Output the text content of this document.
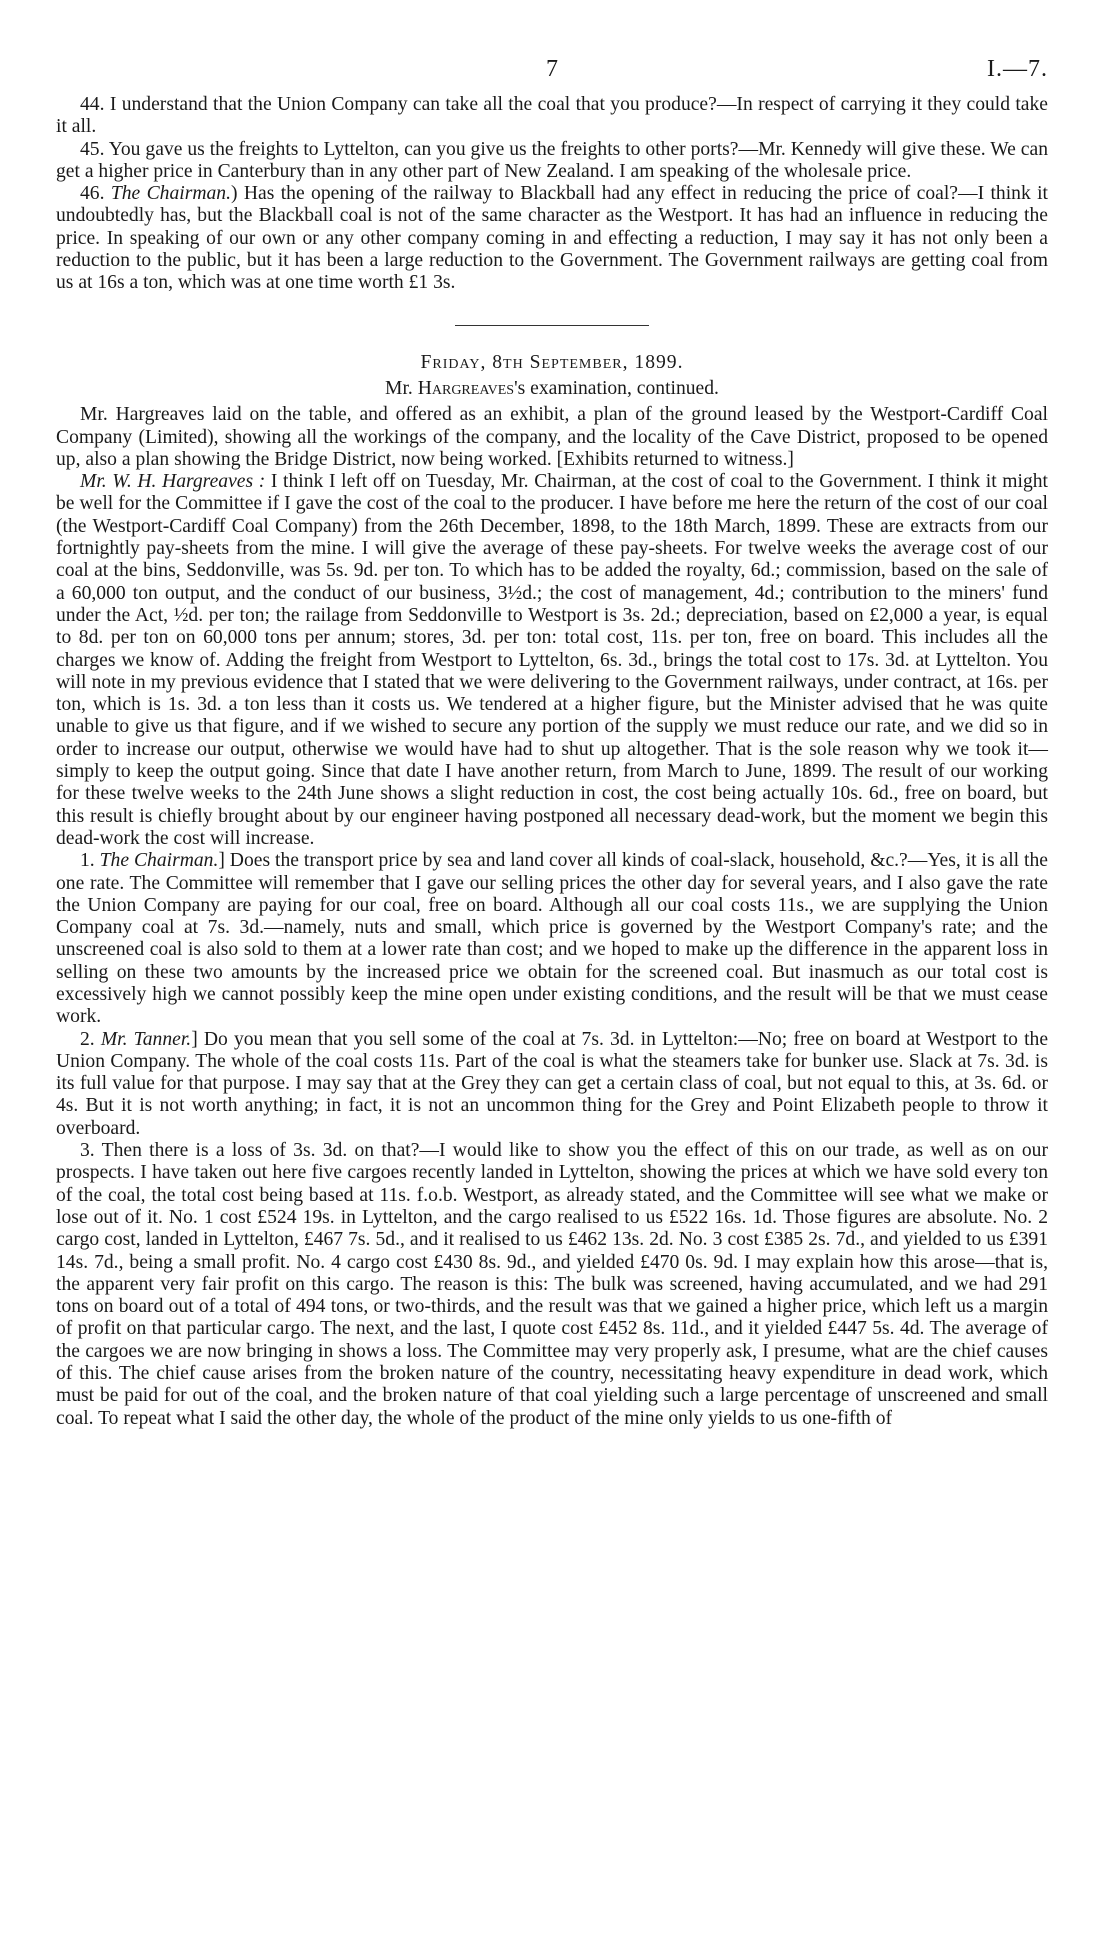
7	I.—7.

44. I understand that the Union Company can take all the coal that you produce?—In respect of carrying it they could take it all.

45. You gave us the freights to Lyttelton, can you give us the freights to other ports?—Mr. Kennedy will give these. We can get a higher price in Canterbury than in any other part of New Zealand. I am speaking of the wholesale price.

46. The Chairman.) Has the opening of the railway to Blackball had any effect in reducing the price of coal?—I think it undoubtedly has, but the Blackball coal is not of the same character as the Westport. It has had an influence in reducing the price. In speaking of our own or any other company coming in and effecting a reduction, I may say it has not only been a reduction to the public, but it has been a large reduction to the Government. The Government railways are getting coal from us at 16s a ton, which was at one time worth £1 3s.

Friday, 8th September, 1899.

Mr. Hargreaves's examination, continued.

Mr. Hargreaves laid on the table, and offered as an exhibit, a plan of the ground leased by the Westport-Cardiff Coal Company (Limited), showing all the workings of the company, and the locality of the Cave District, proposed to be opened up, also a plan showing the Bridge District, now being worked. [Exhibits returned to witness.]

Mr. W. H. Hargreaves : I think I left off on Tuesday, Mr. Chairman, at the cost of coal to the Government. I think it might be well for the Committee if I gave the cost of the coal to the producer. I have before me here the return of the cost of our coal (the Westport-Cardiff Coal Company) from the 26th December, 1898, to the 18th March, 1899. These are extracts from our fortnightly pay-sheets from the mine. I will give the average of these pay-sheets. For twelve weeks the average cost of our coal at the bins, Seddonville, was 5s. 9d. per ton. To which has to be added the royalty, 6d.; commission, based on the sale of a 60,000 ton output, and the conduct of our business, 3½d.; the cost of management, 4d.; contribution to the miners' fund under the Act, ½d. per ton; the railage from Seddonville to Westport is 3s. 2d.; depreciation, based on £2,000 a year, is equal to 8d. per ton on 60,000 tons per annum; stores, 3d. per ton: total cost, 11s. per ton, free on board. This includes all the charges we know of. Adding the freight from Westport to Lyttelton, 6s. 3d., brings the total cost to 17s. 3d. at Lyttelton. You will note in my previous evidence that I stated that we were delivering to the Government railways, under contract, at 16s. per ton, which is 1s. 3d. a ton less than it costs us. We tendered at a higher figure, but the Minister advised that he was quite unable to give us that figure, and if we wished to secure any portion of the supply we must reduce our rate, and we did so in order to increase our output, otherwise we would have had to shut up altogether. That is the sole reason why we took it—simply to keep the output going. Since that date I have another return, from March to June, 1899. The result of our working for these twelve weeks to the 24th June shows a slight reduction in cost, the cost being actually 10s. 6d., free on board, but this result is chiefly brought about by our engineer having postponed all necessary dead-work, but the moment we begin this dead-work the cost will increase.

1. The Chairman.] Does the transport price by sea and land cover all kinds of coal-slack, household, &c.?—Yes, it is all the one rate. The Committee will remember that I gave our selling prices the other day for several years, and I also gave the rate the Union Company are paying for our coal, free on board. Although all our coal costs 11s., we are supplying the Union Company coal at 7s. 3d.—namely, nuts and small, which price is governed by the Westport Company's rate; and the unscreened coal is also sold to them at a lower rate than cost; and we hoped to make up the difference in the apparent loss in selling on these two amounts by the increased price we obtain for the screened coal. But inasmuch as our total cost is excessively high we cannot possibly keep the mine open under existing conditions, and the result will be that we must cease work.

2. Mr. Tanner.] Do you mean that you sell some of the coal at 7s. 3d. in Lyttelton:—No; free on board at Westport to the Union Company. The whole of the coal costs 11s. Part of the coal is what the steamers take for bunker use. Slack at 7s. 3d. is its full value for that purpose. I may say that at the Grey they can get a certain class of coal, but not equal to this, at 3s. 6d. or 4s. But it is not worth anything; in fact, it is not an uncommon thing for the Grey and Point Elizabeth people to throw it overboard.

3. Then there is a loss of 3s. 3d. on that?—I would like to show you the effect of this on our trade, as well as on our prospects. I have taken out here five cargoes recently landed in Lyttelton, showing the prices at which we have sold every ton of the coal, the total cost being based at 11s. f.o.b. Westport, as already stated, and the Committee will see what we make or lose out of it. No. 1 cost £524 19s. in Lyttelton, and the cargo realised to us £522 16s. 1d. Those figures are absolute. No. 2 cargo cost, landed in Lyttelton, £467 7s. 5d., and it realised to us £462 13s. 2d. No. 3 cost £385 2s. 7d., and yielded to us £391 14s. 7d., being a small profit. No. 4 cargo cost £430 8s. 9d., and yielded £470 0s. 9d. I may explain how this arose—that is, the apparent very fair profit on this cargo. The reason is this: The bulk was screened, having accumulated, and we had 291 tons on board out of a total of 494 tons, or two-thirds, and the result was that we gained a higher price, which left us a margin of profit on that particular cargo. The next, and the last, I quote cost £452 8s. 11d., and it yielded £447 5s. 4d. The average of the cargoes we are now bringing in shows a loss. The Committee may very properly ask, I presume, what are the chief causes of this. The chief cause arises from the broken nature of the country, necessitating heavy expenditure in dead work, which must be paid for out of the coal, and the broken nature of that coal yielding such a large percentage of unscreened and small coal. To repeat what I said the other day, the whole of the product of the mine only yields to us one-fifth of
